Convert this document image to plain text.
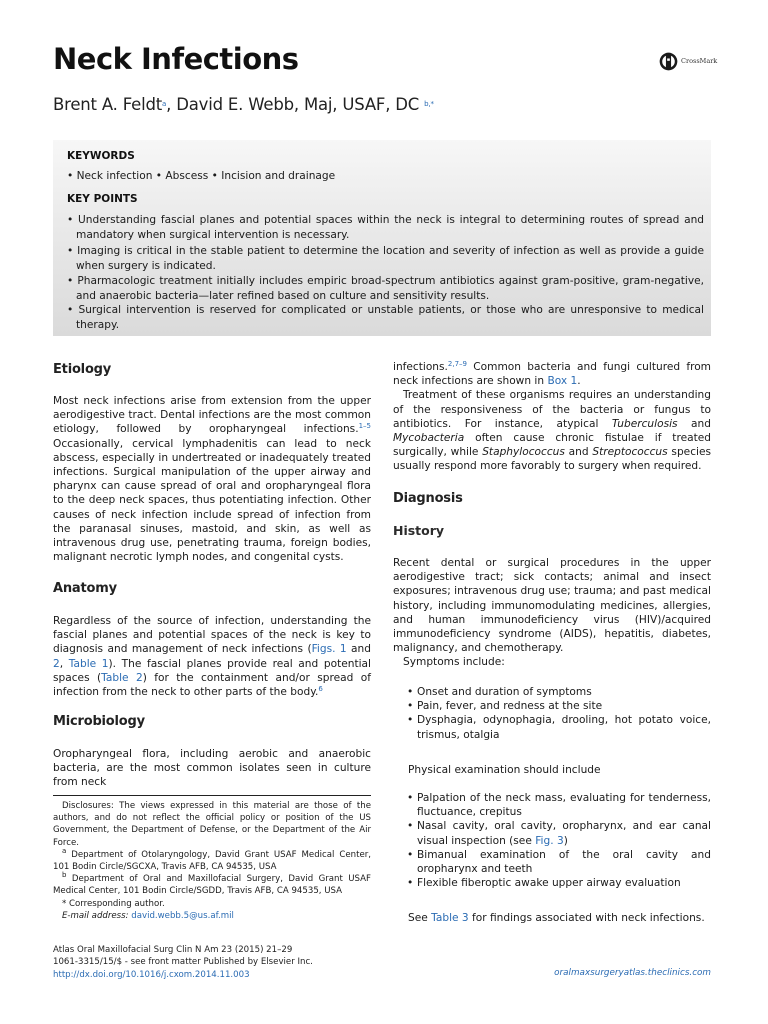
Neck Infections
Brent A. Feldt$^a$, David E. Webb, Maj, USAF, DC $^{b,*}$
CrossMark
KEYWORDS
• Neck infection • Abscess • Incision and drainage
KEY POINTS
• Understanding fascial planes and potential spaces within the neck is integral to determining routes of spread and mandatory when surgical intervention is necessary.
• Imaging is critical in the stable patient to determine the location and severity of infection as well as provide a guide when surgery is indicated.
• Pharmacologic treatment initially includes empiric broad-spectrum antibiotics against gram-positive, gram-negative, and anaerobic bacteria—later refined based on culture and sensitivity results.
• Surgical intervention is reserved for complicated or unstable patients, or those who are unresponsive to medical therapy.
Etiology

Most neck infections arise from extension from the upper aerodigestive tract. Dental infections are the most common etiology, followed by oropharyngeal infections.$^{1-5}$ Occasionally, cervical lymphadenitis can lead to neck abscess, especially in undertreated or inadequately treated infections. Surgical manipulation of the upper airway and pharynx can cause spread of oral and oropharyngeal flora to the deep neck spaces, thus potentiating infection. Other causes of neck infection include spread of infection from the paranasal sinuses, mastoid, and skin, as well as intravenous drug use, penetrating trauma, foreign bodies, malignant necrotic lymph nodes, and congenital cysts.

Anatomy

Regardless of the source of infection, understanding the fascial planes and potential spaces of the neck is key to diagnosis and management of neck infections (Figs. 1 and 2, Table 1). The fascial planes provide real and potential spaces (Table 2) for the containment and/or spread of infection from the neck to other parts of the body.$^6$

Microbiology

Oropharyngeal flora, including aerobic and anaerobic bacteria, are the most common isolates seen in culture from neck

Disclosures: The views expressed in this material are those of the authors, and do not reflect the official policy or position of the US Government, the Department of Defense, or the Department of the Air Force.

$^a$ Department of Otolaryngology, David Grant USAF Medical Center, 101 Bodin Circle/SGCXA, Travis AFB, CA 94535, USA

$^b$ Department of Oral and Maxillofacial Surgery, David Grant USAF Medical Center, 101 Bodin Circle/SGDD, Travis AFB, CA 94535, USA

* Corresponding author.

E-mail address: david.webb.5@us.af.mil

infections.$^{2,7-9}$ Common bacteria and fungi cultured from neck infections are shown in Box 1.

Treatment of these organisms requires an understanding of the responsiveness of the bacteria or fungus to antibiotics. For instance, atypical Tuberculosis and Mycobacteria often cause chronic fistulae if treated surgically, while Staphylococcus and Streptococcus species usually respond more favorably to surgery when required.

Diagnosis
History

Recent dental or surgical procedures in the upper aerodigestive tract; sick contacts; animal and insect exposures; intravenous drug use; trauma; and past medical history, including immunomodulating medicines, allergies, and human immunodeficiency virus (HIV)/acquired immunodeficiency syndrome (AIDS), hepatitis, diabetes, malignancy, and chemotherapy.

Symptoms include:

• Onset and duration of symptoms
• Pain, fever, and redness at the site
• Dysphagia, odynophagia, drooling, hot potato voice, trismus, otalgia
Physical examination should include
• Palpation of the neck mass, evaluating for tenderness, fluctuance, crepitus
• Nasal cavity, oral cavity, oropharynx, and ear canal visual inspection (see Fig. 3)
• Bimanual examination of the oral cavity and oropharynx and teeth
• Flexible fiberoptic awake upper airway evaluation
See Table 3 for findings associated with neck infections.
Atlas Oral Maxillofacial Surg Clin N Am 23 (2015) 21–29
1061-3315/15/$ - see front matter Published by Elsevier Inc.
http://dx.doi.org/10.1016/j.cxom.2014.11.003	oralmaxsurgeryatlas.theclinics.com
